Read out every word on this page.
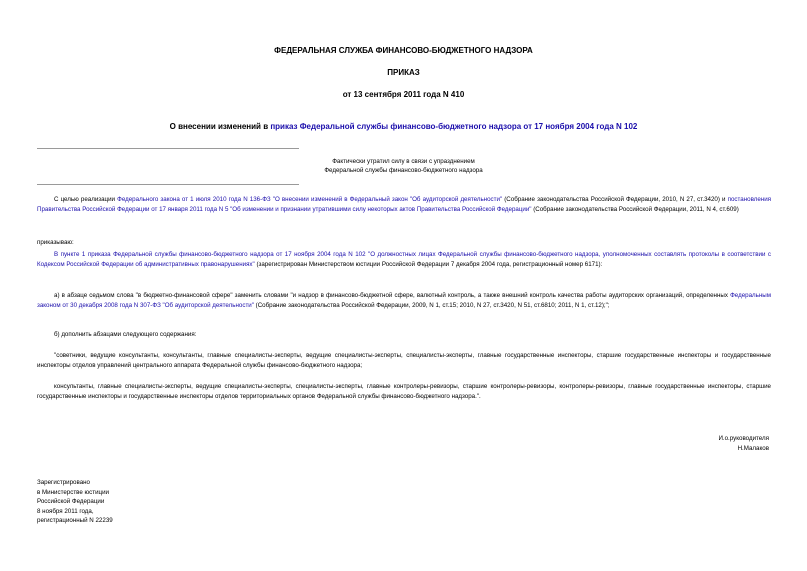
ФЕДЕРАЛЬНАЯ СЛУЖБА ФИНАНСОВО-БЮДЖЕТНОГО НАДЗОРА
ПРИКАЗ
от 13 сентября 2011 года N 410
О внесении изменений в приказ Федеральной службы финансово-бюджетного надзора от 17 ноября 2004 года N 102
Фактически утратил силу в связи с упразднением
Федеральной службы финансово-бюджетного надзора
С целью реализации Федерального закона от 1 июля 2010 года N 136-ФЗ "О внесении изменений в Федеральный закон "Об аудиторской деятельности" (Собрание законодательства Российской Федерации, 2010, N 27, ст.3420) и постановления Правительства Российской Федерации от 17 января 2011 года N 5 "Об изменении и признании утратившими силу некоторых актов Правительства Российской Федерации" (Собрание законодательства Российской Федерации, 2011, N 4, ст.609)
приказываю:
В пункте 1 приказа Федеральной службы финансово-бюджетного надзора от 17 ноября 2004 года N 102 "О должностных лицах Федеральной службы финансово-бюджетного надзора, уполномоченных составлять протоколы в соответствии с Кодексом Российской Федерации об административных правонарушениях" (зарегистрирован Министерством юстиции Российской Федерации 7 декабря 2004 года, регистрационный номер 6171):
а) в абзаце седьмом слова "в бюджетно-финансовой сфере" заменить словами "и надзор в финансово-бюджетной сфере, валютный контроль, а также внешний контроль качества работы аудиторских организаций, определенных Федеральным законом от 30 декабря 2008 года N 307-ФЗ "Об аудиторской деятельности" (Собрание законодательства Российской Федерации, 2009, N 1, ст.15; 2010, N 27, ст.3420, N 51, ст.6810; 2011, N 1, ст.12);";
б) дополнить абзацами следующего содержания:
"советники, ведущие консультанты, консультанты, главные специалисты-эксперты, ведущие специалисты-эксперты, специалисты-эксперты, главные государственные инспекторы, старшие государственные инспекторы и государственные инспекторы отделов управлений центрального аппарата Федеральной службы финансово-бюджетного надзора;
консультанты, главные специалисты-эксперты, ведущие специалисты-эксперты, специалисты-эксперты, главные контролеры-ревизоры, старшие контролеры-ревизоры, контролеры-ревизоры, главные государственные инспекторы, старшие государственные инспекторы и государственные инспекторы отделов территориальных органов Федеральной службы финансово-бюджетного надзора.".
И.о.руководителя
Н.Малаков
Зарегистрировано
в Министерстве юстиции
Российской Федерации
8 ноября 2011 года,
регистрационный N 22239
